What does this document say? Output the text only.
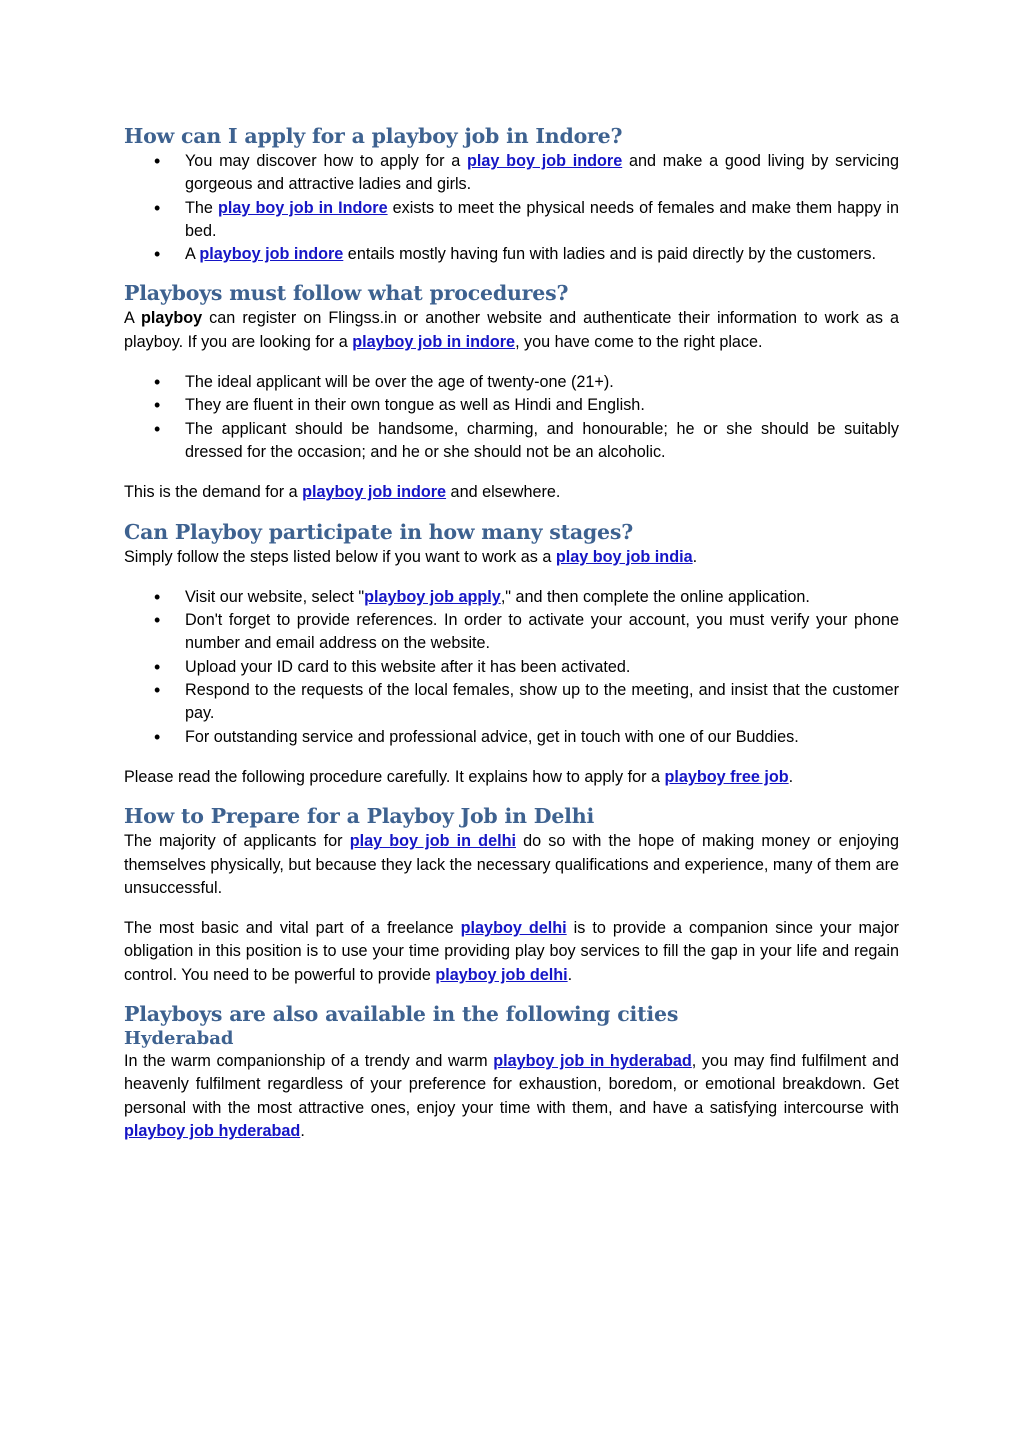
How can I apply for a playboy job in Indore?
• You may discover how to apply for a play boy job indore and make a good living by servicing gorgeous and attractive ladies and girls.
• The play boy job in Indore exists to meet the physical needs of females and make them happy in bed.
• A playboy job indore entails mostly having fun with ladies and is paid directly by the customers.
Playboys must follow what procedures?

A playboy can register on Flingss.in or another website and authenticate their information to work as a playboy. If you are looking for a playboy job in indore, you have come to the right place.

• The ideal applicant will be over the age of twenty-one (21+).
• They are fluent in their own tongue as well as Hindi and English.
• The applicant should be handsome, charming, and honourable; he or she should be suitably dressed for the occasion; and he or she should not be an alcoholic.

This is the demand for a playboy job indore and elsewhere.

Can Playboy participate in how many stages?

Simply follow the steps listed below if you want to work as a play boy job india.

• Visit our website, select "playboy job apply," and then complete the online application.
• Don't forget to provide references. In order to activate your account, you must verify your phone number and email address on the website.
• Upload your ID card to this website after it has been activated.
• Respond to the requests of the local females, show up to the meeting, and insist that the customer pay.
• For outstanding service and professional advice, get in touch with one of our Buddies.

Please read the following procedure carefully. It explains how to apply for a playboy free job.

How to Prepare for a Playboy Job in Delhi

The majority of applicants for play boy job in delhi do so with the hope of making money or enjoying themselves physically, but because they lack the necessary qualifications and experience, many of them are unsuccessful.

The most basic and vital part of a freelance playboy delhi is to provide a companion since your major obligation in this position is to use your time providing play boy services to fill the gap in your life and regain control. You need to be powerful to provide playboy job delhi.

Playboys are also available in the following cities
Hyderabad

In the warm companionship of a trendy and warm playboy job in hyderabad, you may find fulfilment and heavenly fulfilment regardless of your preference for exhaustion, boredom, or emotional breakdown. Get personal with the most attractive ones, enjoy your time with them, and have a satisfying intercourse with playboy job hyderabad.
